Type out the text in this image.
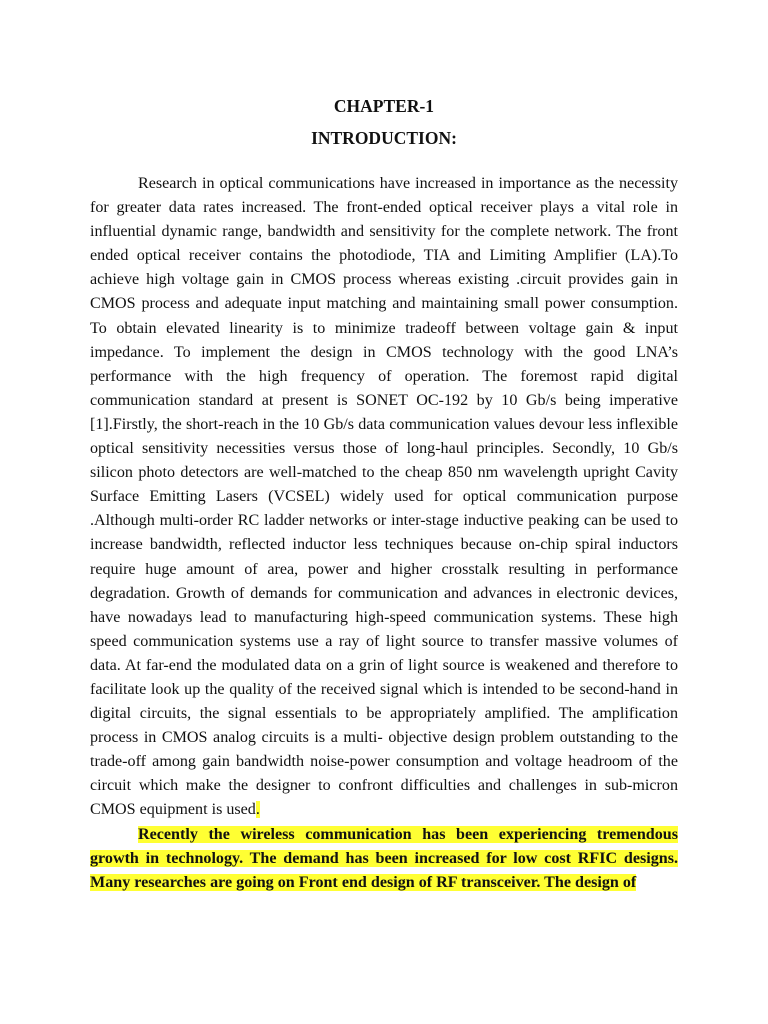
CHAPTER-1
INTRODUCTION:

Research in optical communications have increased in importance as the necessity for greater data rates increased. The front-ended optical receiver plays a vital role in influential dynamic range, bandwidth and sensitivity for the complete network. The front ended optical receiver contains the photodiode, TIA and Limiting Amplifier (LA).To achieve high voltage gain in CMOS process whereas existing .circuit provides gain in CMOS process and adequate input matching and maintaining small power consumption. To obtain elevated linearity is to minimize tradeoff between voltage gain & input impedance. To implement the design in CMOS technology with the good LNA’s performance with the high frequency of operation. The foremost rapid digital communication standard at present is SONET OC-192 by 10 Gb/s being imperative [1].Firstly, the short-reach in the 10 Gb/s data communication values devour less inflexible optical sensitivity necessities versus those of long-haul principles. Secondly, 10 Gb/s silicon photo detectors are well-matched to the cheap 850 nm wavelength upright Cavity Surface Emitting Lasers (VCSEL) widely used for optical communication purpose .Although multi-order RC ladder networks or inter-stage inductive peaking can be used to increase bandwidth, reflected inductor less techniques because on-chip spiral inductors require huge amount of area, power and higher crosstalk resulting in performance degradation. Growth of demands for communication and advances in electronic devices, have nowadays lead to manufacturing high-speed communication systems. These high speed communication systems use a ray of light source to transfer massive volumes of data. At far-end the modulated data on a grin of light source is weakened and therefore to facilitate look up the quality of the received signal which is intended to be second-hand in digital circuits, the signal essentials to be appropriately amplified. The amplification process in CMOS analog circuits is a multi- objective design problem outstanding to the trade-off among gain bandwidth noise-power consumption and voltage headroom of the circuit which make the designer to confront difficulties and challenges in sub-micron CMOS equipment is used.

Recently the wireless communication has been experiencing tremendous growth in technology. The demand has been increased for low cost RFIC designs. Many researches are going on Front end design of RF transceiver. The design of
